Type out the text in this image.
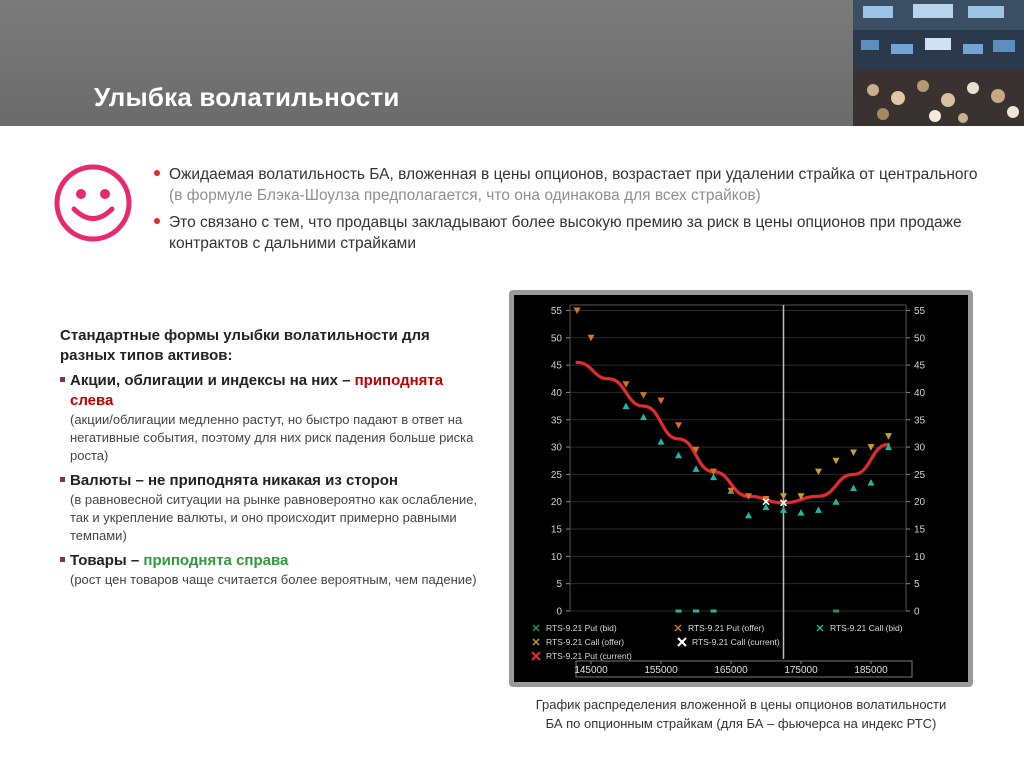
Улыбка волатильности
Ожидаемая волатильность БА, вложенная в цены опционов, возрастает при удалении страйка от центрального (в формуле Блэка-Шоулза предполагается, что она одинакова для всех страйков)
Это связано с тем, что продавцы закладывают более высокую премию за риск в цены опционов при продаже контрактов с дальними страйками
Стандартные формы улыбки волатильности для разных типов активов:
Акции, облигации и индексы на них – приподнята слева
(акции/облигации медленно растут, но быстро падают в ответ на негативные события, поэтому для них риск падения больше риска роста)
Валюты – не приподнята никакая из сторон
(в равновесной ситуации на рынке равновероятно как ослабление, так и укрепление валюты, и оно происходит примерно равными темпами)
Товары – приподнята справа
(рост цен товаров чаще считается более вероятным, чем падение)
0	0
5	5
10	10
15	15
20	20
25	25
30	30
35	35
40	40
45	45
50	50
55	55
RTS-9.21 Put (bid)	RTS-9.21 Put (offer)	RTS-9.21 Call (bid)
RTS-9.21 Call (offer)	RTS-9.21 Call (current)
RTS-9.21 Put (current)
145000	155000	165000	175000	185000
График распределения вложенной в цены опционов волатильности
БА по опционным страйкам (для БА – фьючерса на индекс РТС)
